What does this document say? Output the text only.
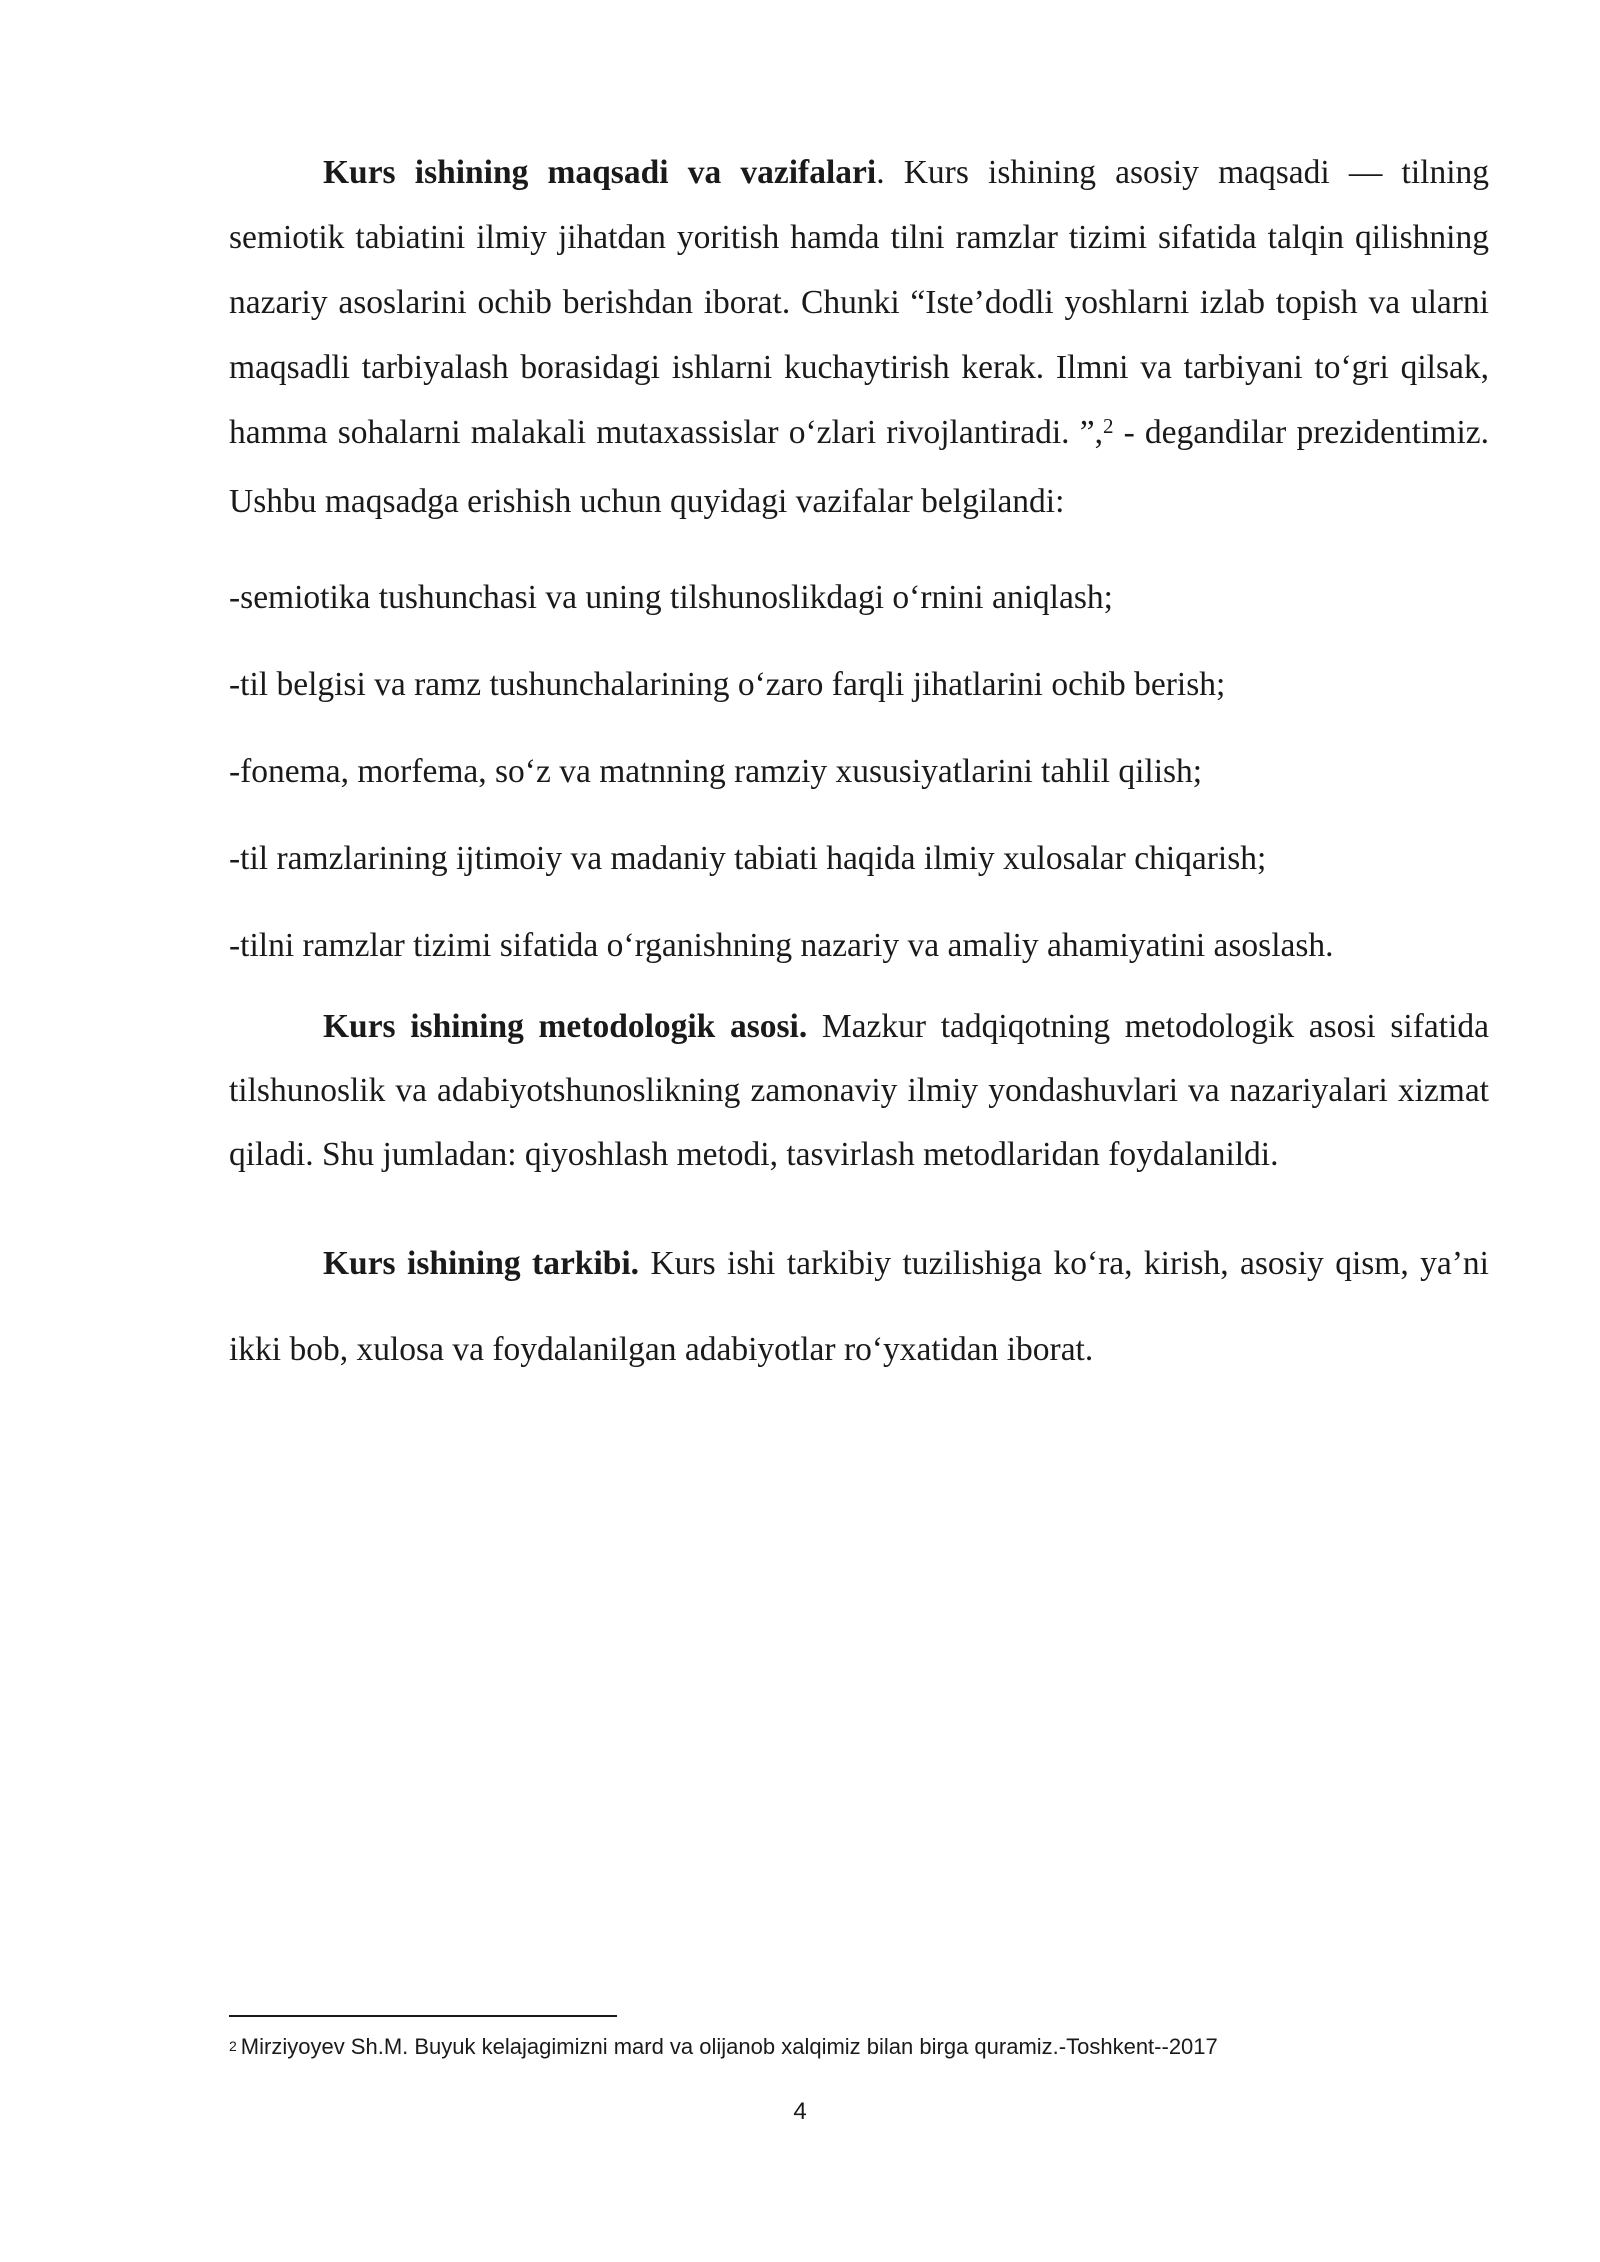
Kurs ishining maqsadi va vazifalari. Kurs ishining asosiy maqsadi — tilning semiotik tabiatini ilmiy jihatdan yoritish hamda tilni ramzlar tizimi sifatida talqin qilishning nazariy asoslarini ochib berishdan iborat. Chunki “Iste’dodli yoshlarni izlab topish va ularni maqsadli tarbiyalash borasidagi ishlarni kuchaytirish kerak. Ilmni va tarbiyani to‘gri qilsak, hamma sohalarni malakali mutaxassislar o‘zlari rivojlantiradi. ”,$^2$ - degandilar prezidentimiz. Ushbu maqsadga erishish uchun quyidagi vazifalar belgilandi:

-semiotika tushunchasi va uning tilshunoslikdagi o‘rnini aniqlash;
-til belgisi va ramz tushunchalarining o‘zaro farqli jihatlarini ochib berish;
-fonema, morfema, so‘z va matnning ramziy xususiyatlarini tahlil qilish;
-til ramzlarining ijtimoiy va madaniy tabiati haqida ilmiy xulosalar chiqarish;
-tilni ramzlar tizimi sifatida o‘rganishning nazariy va amaliy ahamiyatini asoslash.

Kurs ishining metodologik asosi. Mazkur tadqiqotning metodologik asosi sifatida tilshunoslik va adabiyotshunoslikning zamonaviy ilmiy yondashuvlari va nazariyalari xizmat qiladi. Shu jumladan: qiyoshlash metodi, tasvirlash metodlaridan foydalanildi.

Kurs ishining tarkibi. Kurs ishi tarkibiy tuzilishiga ko‘ra, kirish, asosiy qism, ya’ni ikki bob, xulosa va foydalanilgan adabiyotlar ro‘yxatidan iborat.

$^2$ Mirziyoyev Sh.M. Buyuk kelajagimizni mard va olijanob xalqimiz bilan birga quramiz.-Toshkent--2017
4
